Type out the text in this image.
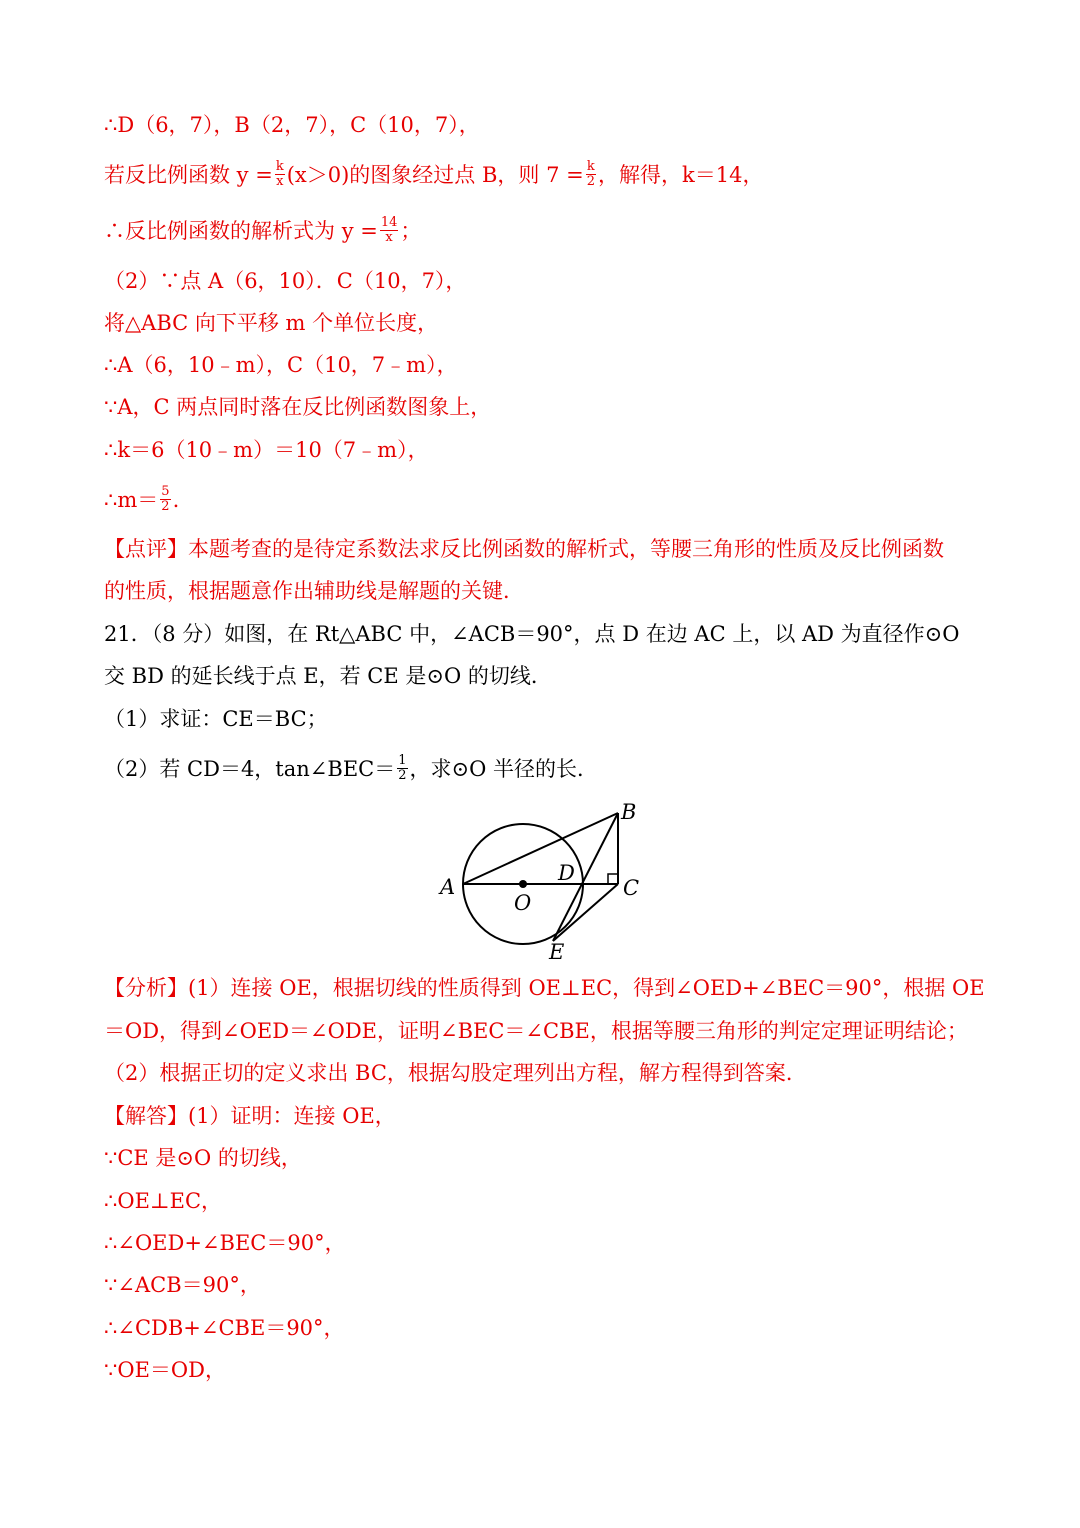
∴D（6，7），B（2，7），C（10，7），
若反比例函数 $y = \frac{k}{x} (x>0)$的图象经过点 B，则 $7 = \frac{k}{2}$ ，解得，k＝14，
∴反比例函数的解析式为 $y = \frac{14}{x}$ ；
（2）∵点 A（6，10）．C（10，7），
将△ABC 向下平移 m 个单位长度，
∴A（6，10﹣m），C（10，7﹣m），
∵A，C 两点同时落在反比例函数图象上，
∴k＝6（10﹣m）＝10（7﹣m），
∴m＝ $\frac{5}{2}$ .
【点评】本题考查的是待定系数法求反比例函数的解析式，等腰三角形的性质及反比例函数
的性质，根据题意作出辅助线是解题的关键．
21．（8 分）如图，在 Rt△ABC 中，∠ACB＝90°，点 D 在边 AC 上，以 AD 为直径作⊙O
交 BD 的延长线于点 E，若 CE 是⊙O 的切线．
（1）求证：CE＝BC；
（2）若 CD＝4，tan∠BEC＝ $\frac{1}{2}$ ，求⊙O 半径的长．
A
O
D
C
B
E
【分析】(1）连接 OE，根据切线的性质得到 OE⊥EC，得到∠OED+∠BEC＝90°，根据 OE
＝OD，得到∠OED＝∠ODE，证明∠BEC＝∠CBE，根据等腰三角形的判定定理证明结论；
（2）根据正切的定义求出 BC，根据勾股定理列出方程，解方程得到答案．
【解答】(1）证明：连接 OE，
∵CE 是⊙O 的切线，
∴OE⊥EC，
∴∠OED+∠BEC＝90°，
∵∠ACB＝90°，
∴∠CDB+∠CBE＝90°，
∵OE＝OD，
